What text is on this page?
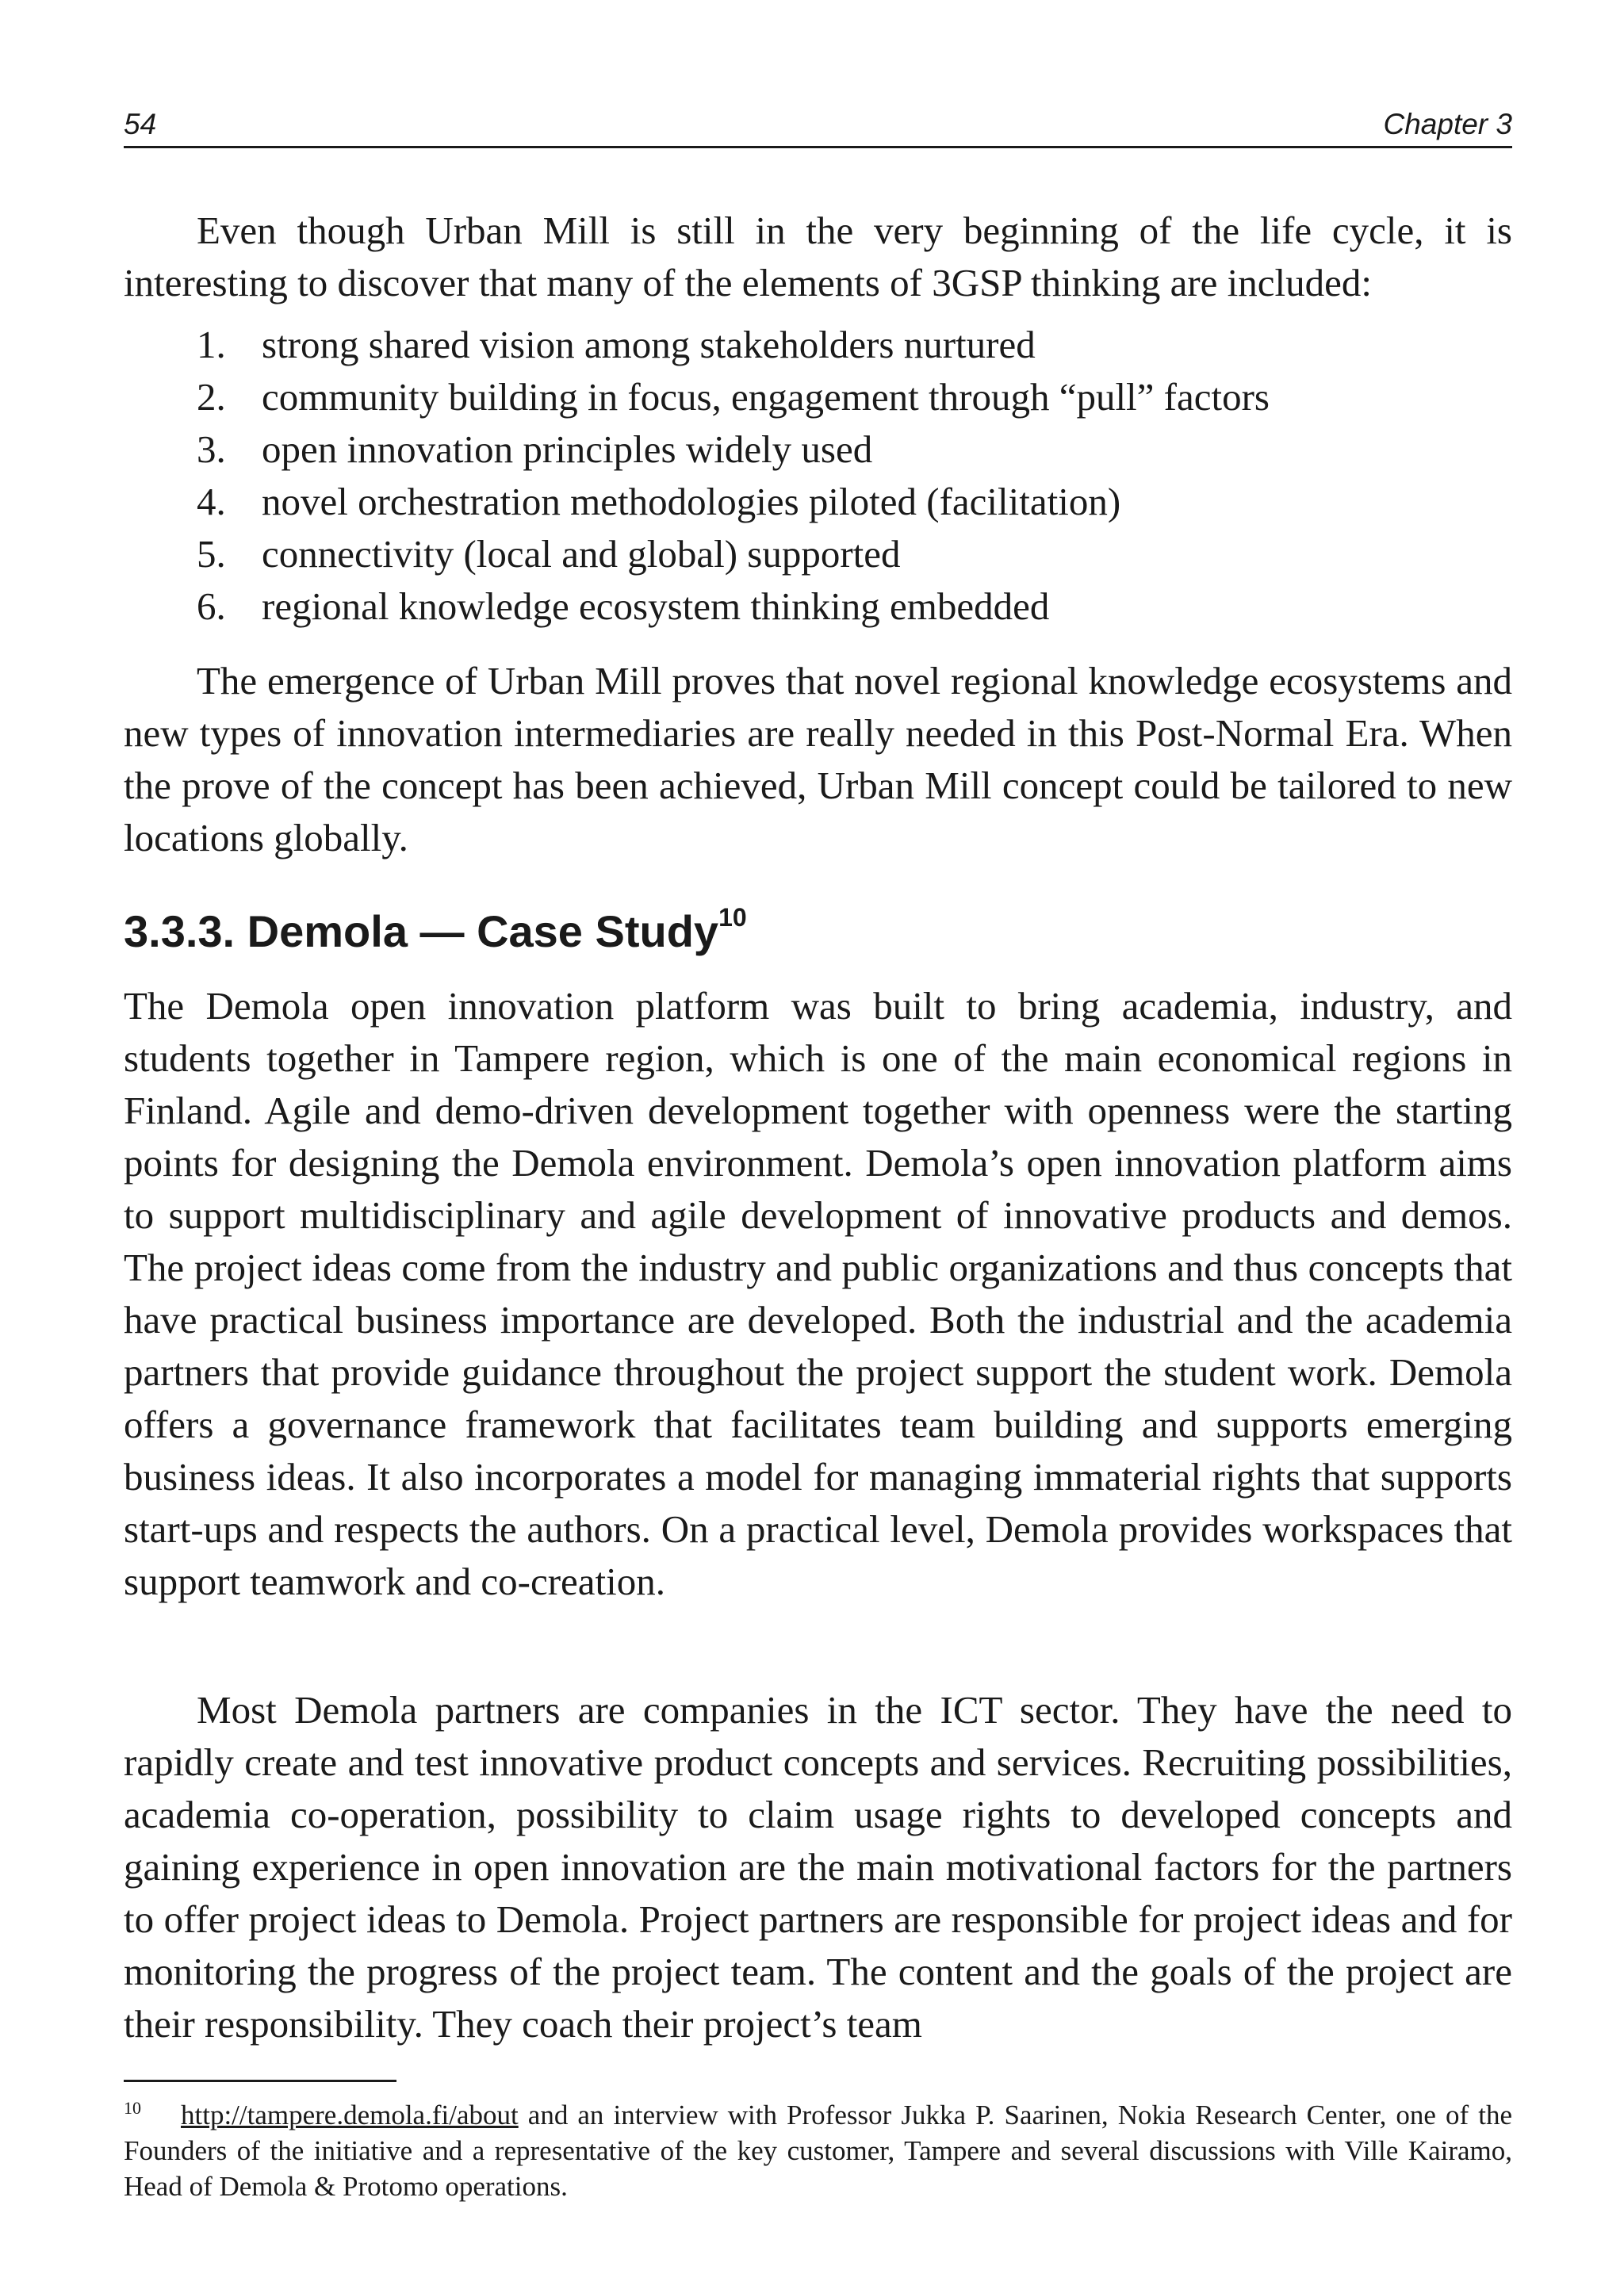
54	Chapter 3

Even though Urban Mill is still in the very beginning of the life cycle, it is interesting to discover that many of the elements of 3GSP thinking are included:

1. strong shared vision among stakeholders nurtured
2. community building in focus, engagement through “pull” factors
3. open innovation principles widely used
4. novel orchestration methodologies piloted (facilitation)
5. connectivity (local and global) supported
6. regional knowledge ecosystem thinking embedded

The emergence of Urban Mill proves that novel regional knowledge ecosystems and new types of innovation intermediaries are really needed in this Post-Normal Era. When the prove of the concept has been achieved, Urban Mill concept could be tailored to new locations globally.

3.3.3. Demola — Case Study$^{10}$

The Demola open innovation platform was built to bring academia, industry, and students together in Tampere region, which is one of the main economical regions in Finland. Agile and demo-driven development together with openness were the starting points for designing the Demola environment. Demola’s open innovation platform aims to support multidisciplinary and agile development of innovative products and demos. The project ideas come from the industry and public organizations and thus concepts that have practical business importance are developed. Both the industrial and the academia partners that provide guidance throughout the project support the student work. Demola offers a governance framework that facilitates team building and supports emerging business ideas. It also incorporates a model for managing immaterial rights that supports start-ups and respects the authors. On a practical level, Demola provides workspaces that support teamwork and co-creation.

Most Demola partners are companies in the ICT sector. They have the need to rapidly create and test innovative product concepts and services. Recruiting possibilities, academia co-operation, possibility to claim usage rights to developed concepts and gaining experience in open innovation are the main motivational factors for the partners to offer project ideas to Demola. Project partners are responsible for project ideas and for monitoring the progress of the project team. The content and the goals of the project are their responsibility. They coach their project’s team

$^{10}$ http://tampere.demola.fi/about and an interview with Professor Jukka P. Saarinen, Nokia Research Center, one of the Founders of the initiative and a representative of the key customer, Tampere and several discussions with Ville Kairamo, Head of Demola & Protomo operations.
